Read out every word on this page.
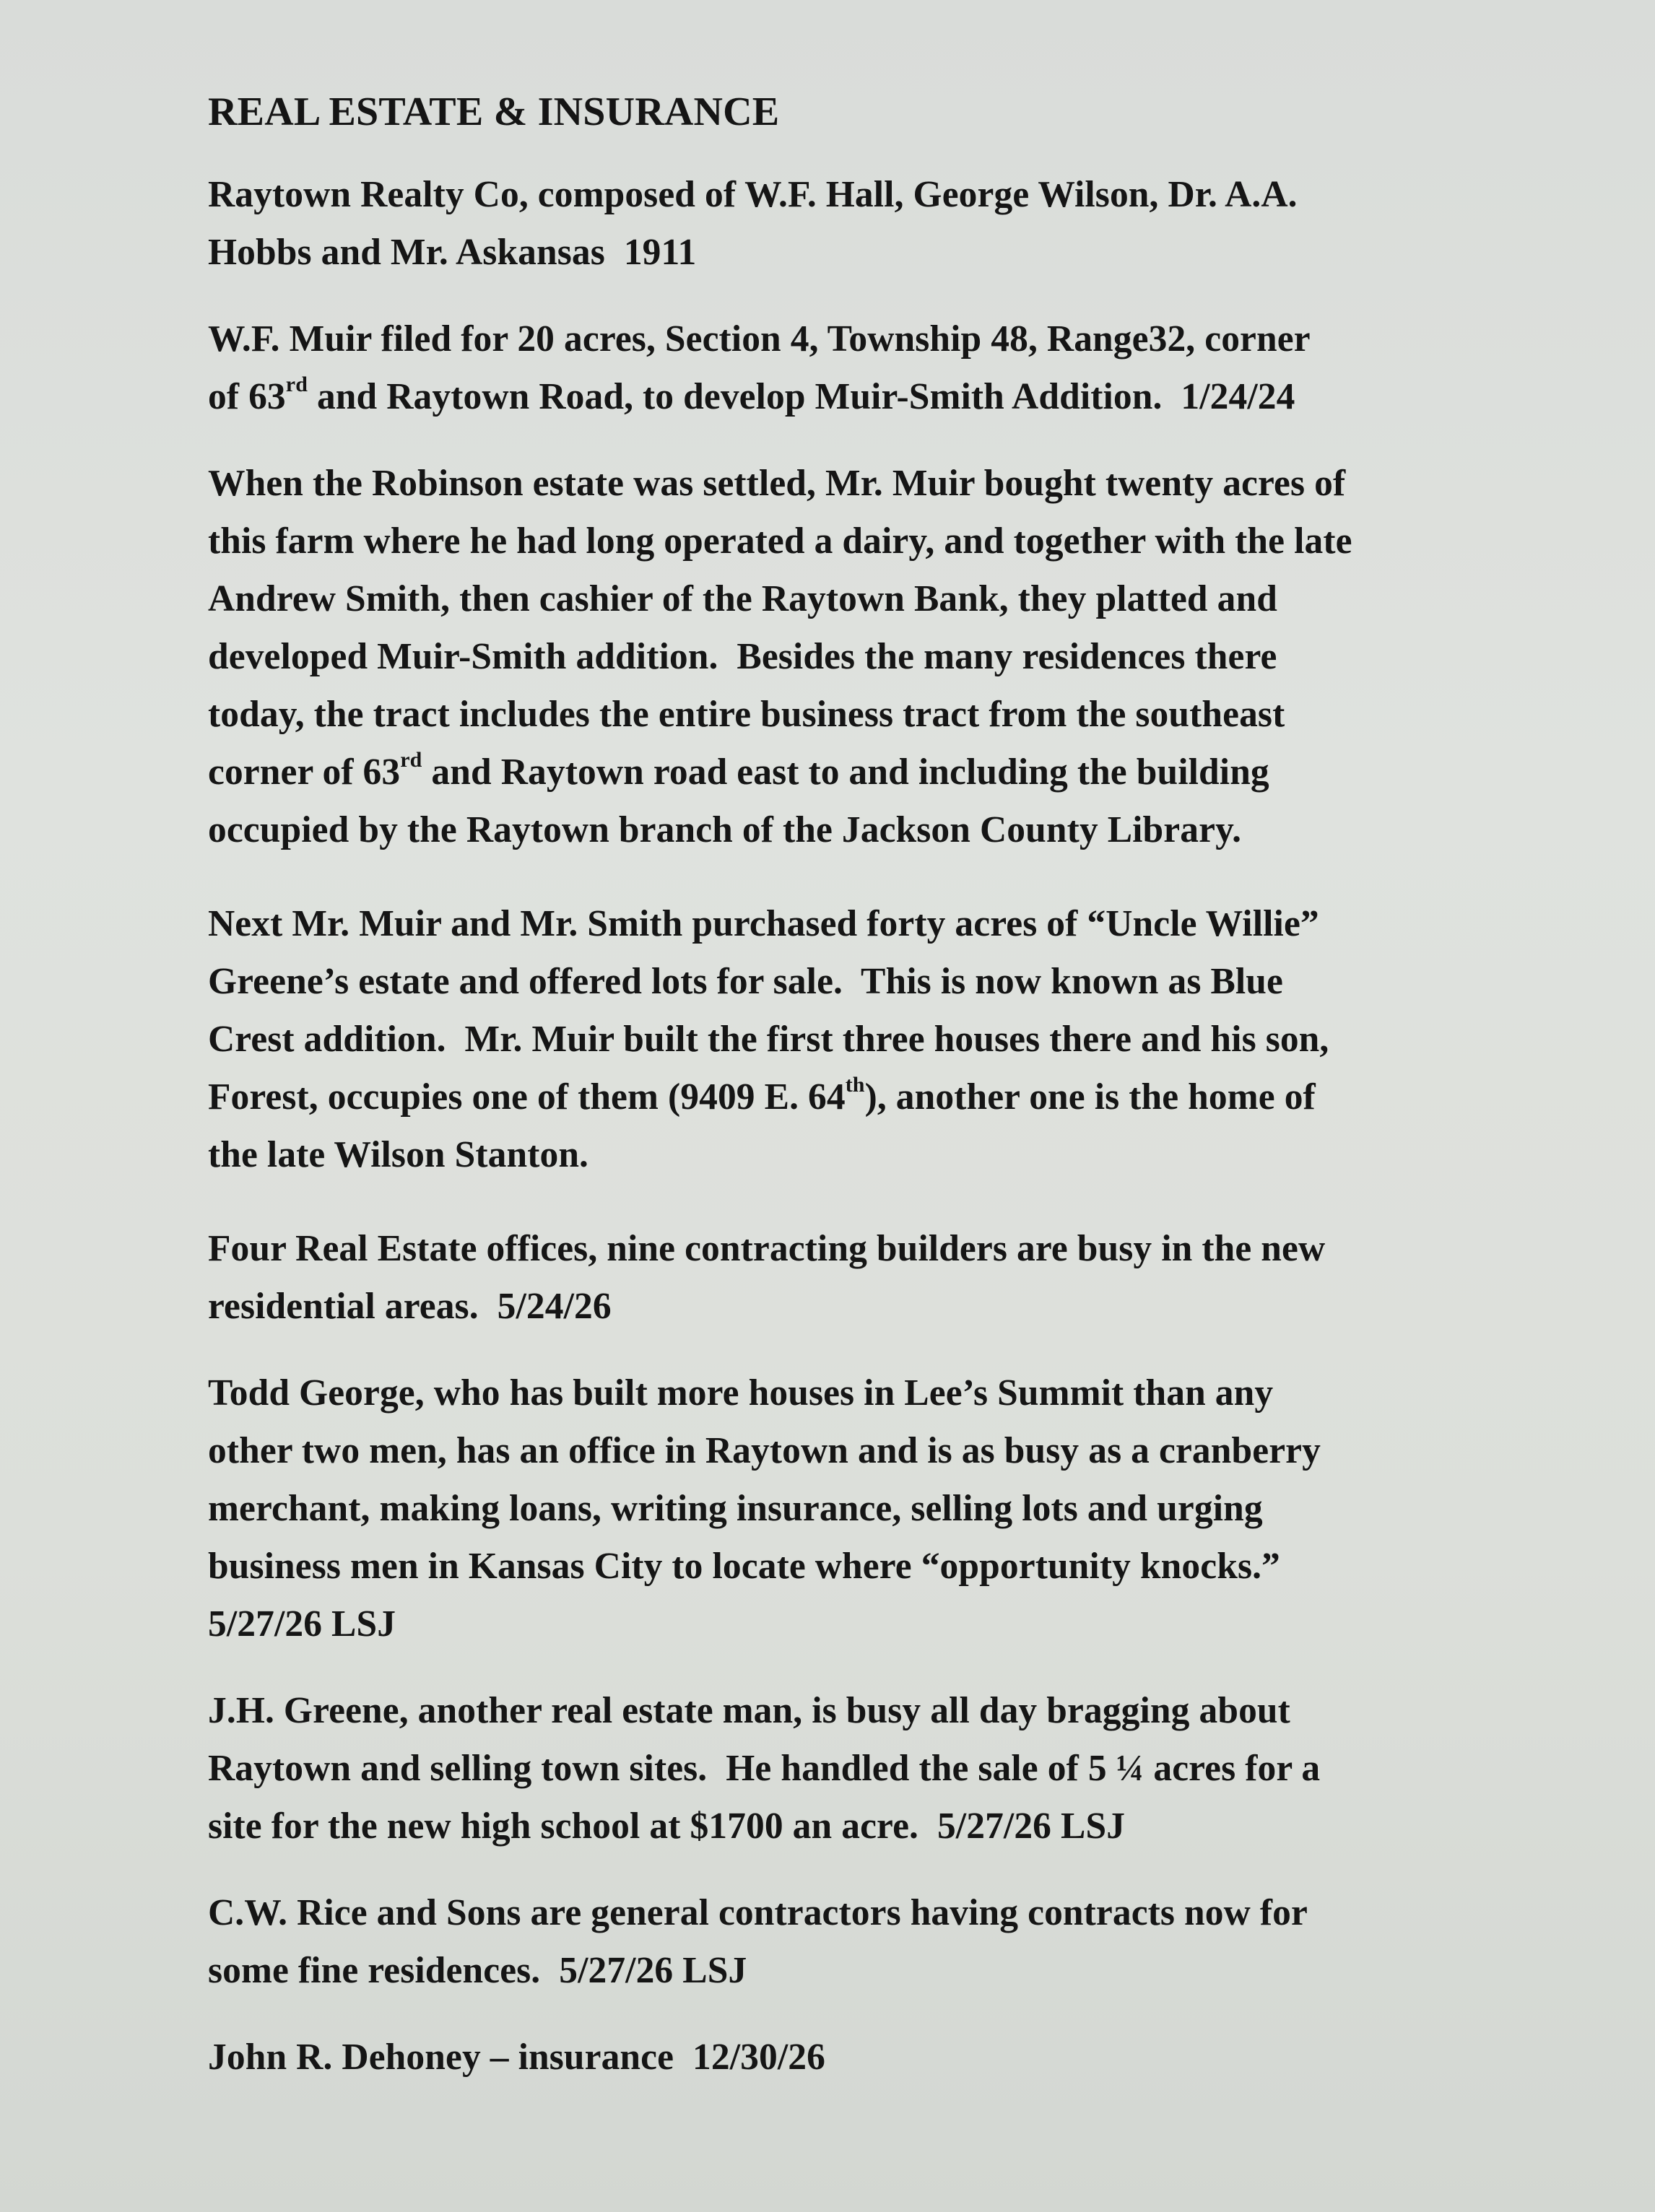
REAL ESTATE & INSURANCE
Raytown Realty Co, composed of W.F. Hall, George Wilson, Dr. A.A.
Hobbs and Mr. Askansas  1911
W.F. Muir filed for 20 acres, Section 4, Township 48, Range32, corner
of 63rd and Raytown Road, to develop Muir-Smith Addition.  1/24/24
When the Robinson estate was settled, Mr. Muir bought twenty acres of
this farm where he had long operated a dairy, and together with the late
Andrew Smith, then cashier of the Raytown Bank, they platted and
developed Muir-Smith addition.  Besides the many residences there
today, the tract includes the entire business tract from the southeast
corner of 63rd and Raytown road east to and including the building
occupied by the Raytown branch of the Jackson County Library.
Next Mr. Muir and Mr. Smith purchased forty acres of “Uncle Willie”
Greene’s estate and offered lots for sale.  This is now known as Blue
Crest addition.  Mr. Muir built the first three houses there and his son,
Forest, occupies one of them (9409 E. 64th), another one is the home of
the late Wilson Stanton.
Four Real Estate offices, nine contracting builders are busy in the new
residential areas.  5/24/26
Todd George, who has built more houses in Lee’s Summit than any
other two men, has an office in Raytown and is as busy as a cranberry
merchant, making loans, writing insurance, selling lots and urging
business men in Kansas City to locate where “opportunity knocks.”
5/27/26 LSJ
J.H. Greene, another real estate man, is busy all day bragging about
Raytown and selling town sites.  He handled the sale of 5 ¼ acres for a
site for the new high school at $1700 an acre.  5/27/26 LSJ
C.W. Rice and Sons are general contractors having contracts now for
some fine residences.  5/27/26 LSJ
John R. Dehoney – insurance  12/30/26
